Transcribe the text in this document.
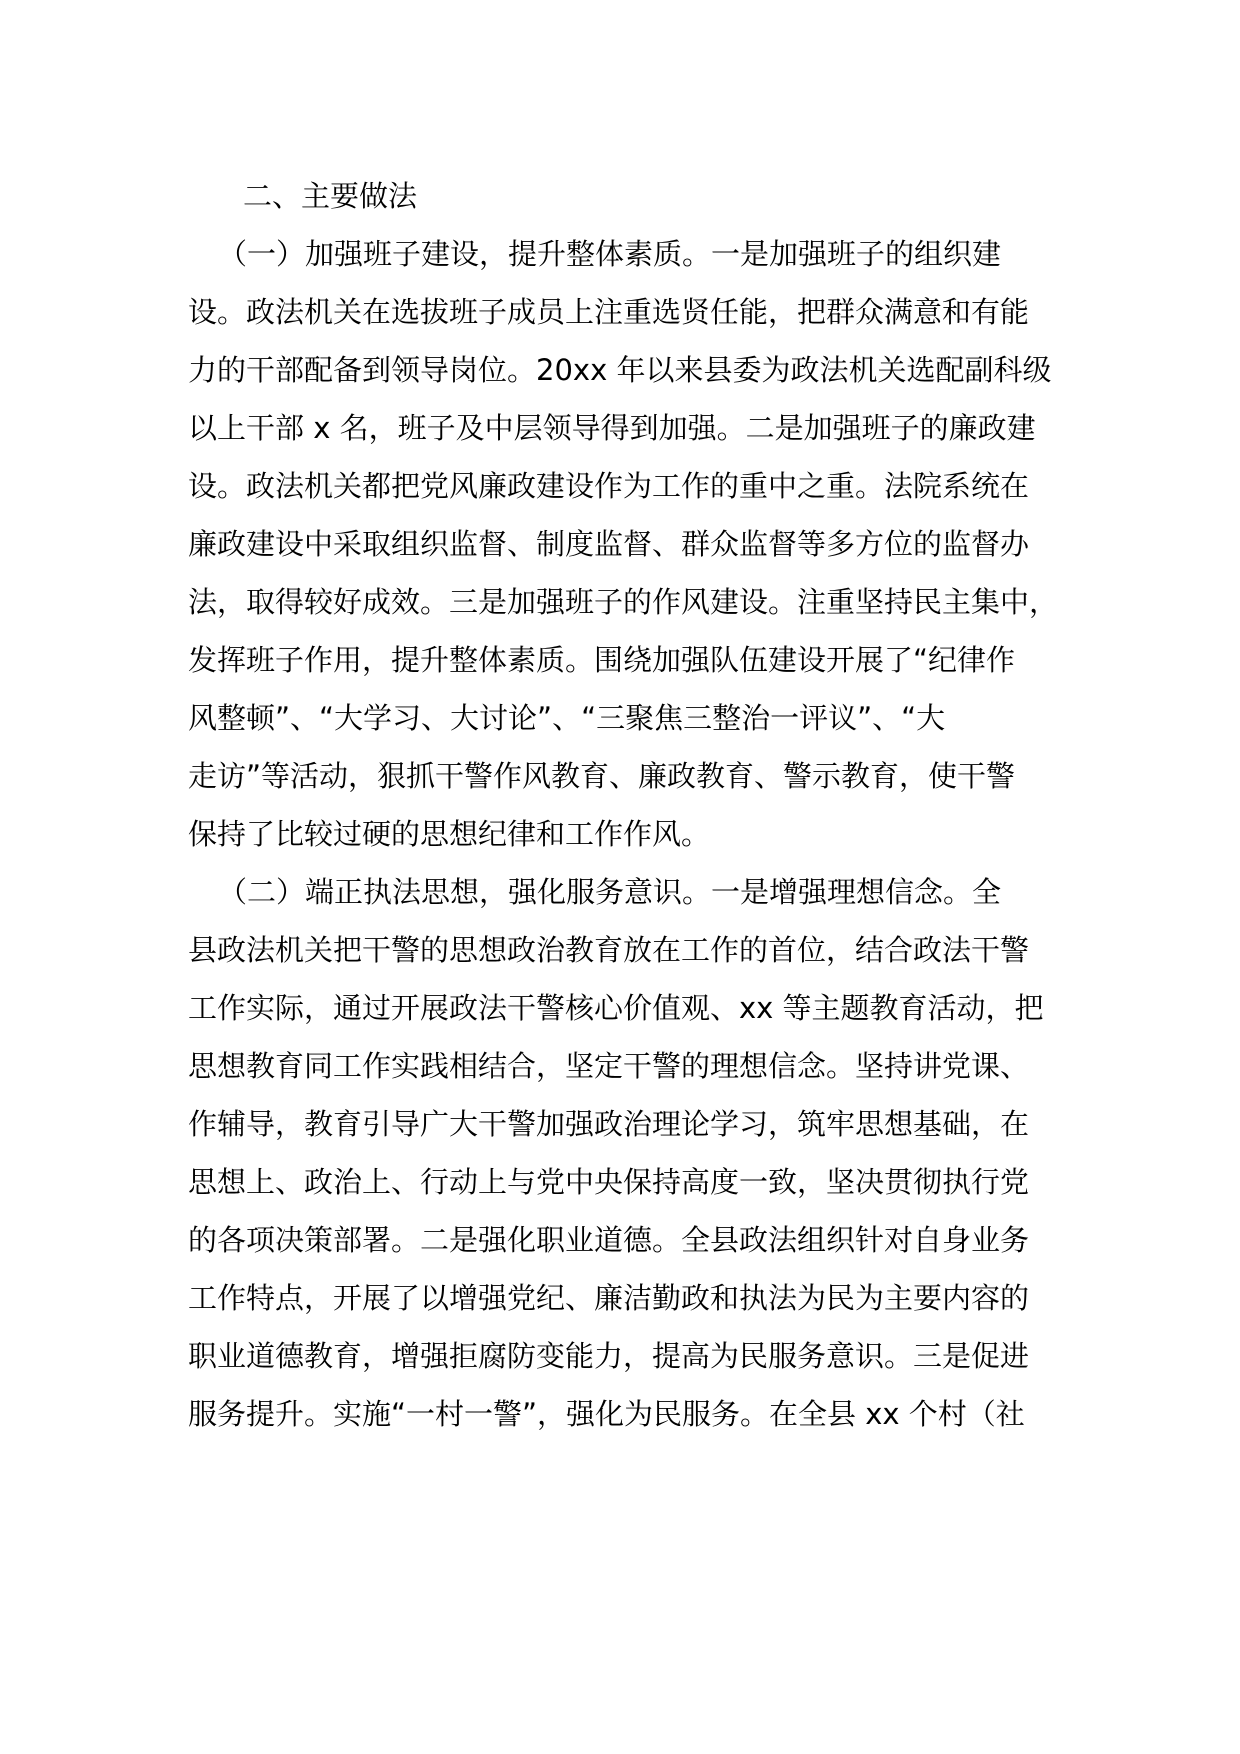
二、主要做法
（一）加强班子建设，提升整体素质。一是加强班子的组织建
设。政法机关在选拔班子成员上注重选贤任能，把群众满意和有能
力的干部配备到领导岗位。20xx 年以来县委为政法机关选配副科级
以上干部 x 名，班子及中层领导得到加强。二是加强班子的廉政建
设。政法机关都把党风廉政建设作为工作的重中之重。法院系统在
廉政建设中采取组织监督、制度监督、群众监督等多方位的监督办
法，取得较好成效。三是加强班子的作风建设。注重坚持民主集中，
发挥班子作用，提升整体素质。围绕加强队伍建设开展了“纪律作
风整顿”、“大学习、大讨论”、“三聚焦三整治一评议”、“大
走访”等活动，狠抓干警作风教育、廉政教育、警示教育，使干警
保持了比较过硬的思想纪律和工作作风。
（二）端正执法思想，强化服务意识。一是增强理想信念。全
县政法机关把干警的思想政治教育放在工作的首位，结合政法干警
工作实际，通过开展政法干警核心价值观、xx 等主题教育活动，把
思想教育同工作实践相结合，坚定干警的理想信念。坚持讲党课、
作辅导，教育引导广大干警加强政治理论学习，筑牢思想基础，在
思想上、政治上、行动上与党中央保持高度一致，坚决贯彻执行党
的各项决策部署。二是强化职业道德。全县政法组织针对自身业务
工作特点，开展了以增强党纪、廉洁勤政和执法为民为主要内容的
职业道德教育，增强拒腐防变能力，提高为民服务意识。三是促进
服务提升。实施“一村一警”，强化为民服务。在全县 xx 个村（社
